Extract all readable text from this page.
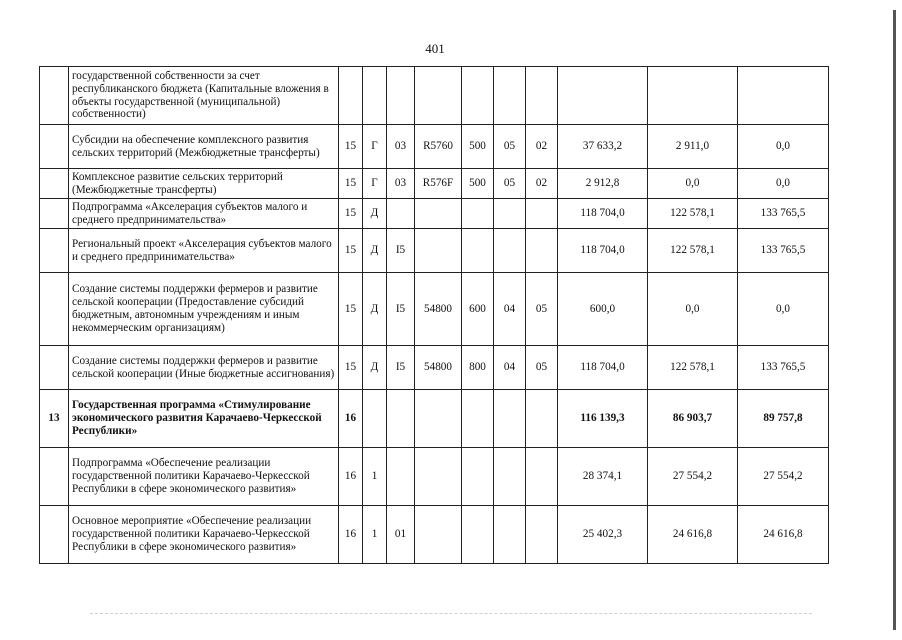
401
	государственной собственности за счет республиканского бюджета (Капитальные вложения в объекты государственной (муниципальной) собственности)										
	Субсидии на обеспечение комплексного развития сельских территорий (Межбюджетные трансферты)	15	Г	03	R5760	500	05	02	37 633,2	2 911,0	0,0
	Комплексное развитие сельских территорий (Межбюджетные трансферты)	15	Г	03	R576F	500	05	02	2 912,8	0,0	0,0
	Подпрограмма «Акселерация субъектов малого и среднего предпринимательства»	15	Д						118 704,0	122 578,1	133 765,5
	Региональный проект «Акселерация субъектов малого и среднего предпринимательства»	15	Д	I5					118 704,0	122 578,1	133 765,5
	Создание системы поддержки фермеров и развитие сельской кооперации (Предоставление субсидий бюджетным, автономным учреждениям и иным некоммерческим организациям)	15	Д	I5	54800	600	04	05	600,0	0,0	0,0
	Создание системы поддержки фермеров и развитие сельской кооперации (Иные бюджетные ассигнования)	15	Д	I5	54800	800	04	05	118 704,0	122 578,1	133 765,5
13	Государственная программа «Стимулирование экономического развития Карачаево-Черкесской Республики»	16							116 139,3	86 903,7	89 757,8
	Подпрограмма «Обеспечение реализации государственной политики Карачаево-Черкесской Республики в сфере экономического развития»	16	1						28 374,1	27 554,2	27 554,2
	Основное мероприятие «Обеспечение реализации государственной политики Карачаево-Черкесской Республики в сфере экономического развития»	16	1	01					25 402,3	24 616,8	24 616,8
